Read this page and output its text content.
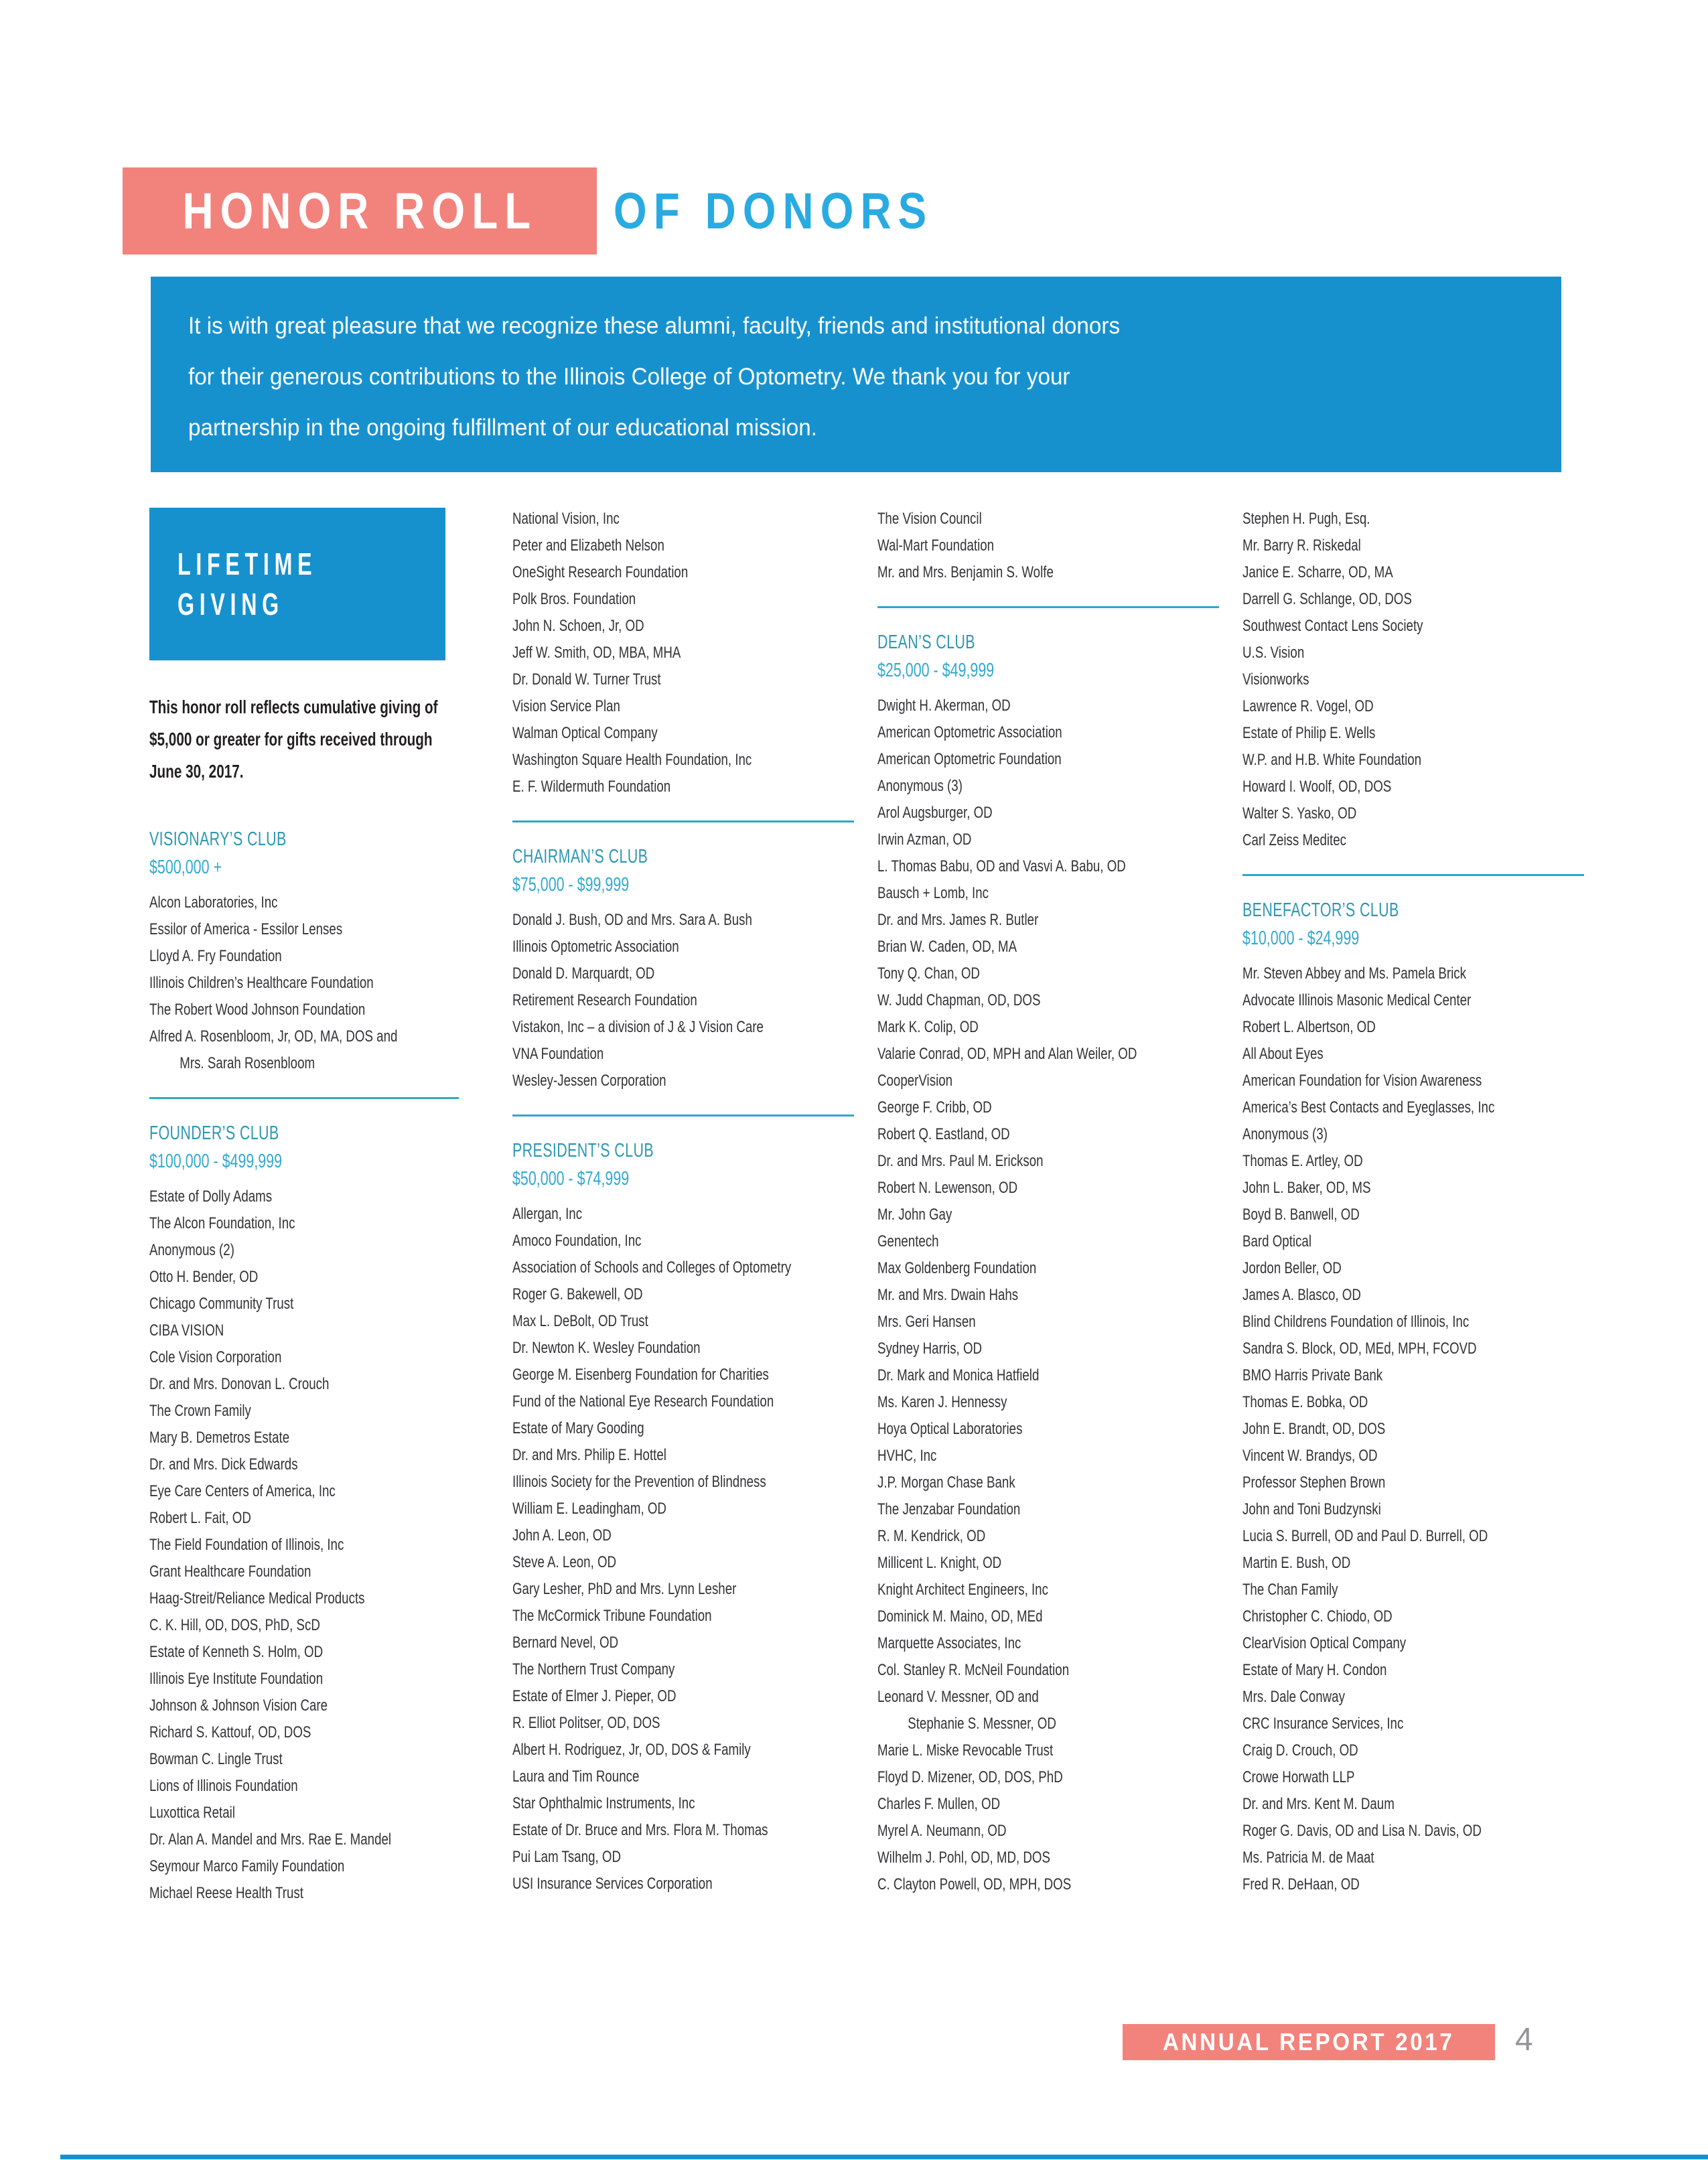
HONOR ROLL OF DONORS
It is with great pleasure that we recognize these alumni, faculty, friends and institutional donors
for their generous contributions to the Illinois College of Optometry. We thank you for your
partnership in the ongoing fulfillment of our educational mission.
LIFETIME
GIVING
This honor roll reflects cumulative giving of
$5,000 or greater for gifts received through
June 30, 2017.
VISIONARY’S CLUB
$500,000 +
Alcon Laboratories, Inc
Essilor of America - Essilor Lenses
Lloyd A. Fry Foundation
Illinois Children’s Healthcare Foundation
The Robert Wood Johnson Foundation
Alfred A. Rosenbloom, Jr, OD, MA, DOS and
Mrs. Sarah Rosenbloom
FOUNDER’S CLUB
$100,000 - $499,999
Estate of Dolly Adams
The Alcon Foundation, Inc
Anonymous (2)
Otto H. Bender, OD
Chicago Community Trust
CIBA VISION
Cole Vision Corporation
Dr. and Mrs. Donovan L. Crouch
The Crown Family
Mary B. Demetros Estate
Dr. and Mrs. Dick Edwards
Eye Care Centers of America, Inc
Robert L. Fait, OD
The Field Foundation of Illinois, Inc
Grant Healthcare Foundation
Haag-Streit/Reliance Medical Products
C. K. Hill, OD, DOS, PhD, ScD
Estate of Kenneth S. Holm, OD
Illinois Eye Institute Foundation
Johnson & Johnson Vision Care
Richard S. Kattouf, OD, DOS
Bowman C. Lingle Trust
Lions of Illinois Foundation
Luxottica Retail
Dr. Alan A. Mandel and Mrs. Rae E. Mandel
Seymour Marco Family Foundation
Michael Reese Health Trust
National Vision, Inc
Peter and Elizabeth Nelson
OneSight Research Foundation
Polk Bros. Foundation
John N. Schoen, Jr, OD
Jeff W. Smith, OD, MBA, MHA
Dr. Donald W. Turner Trust
Vision Service Plan
Walman Optical Company
Washington Square Health Foundation, Inc
E. F. Wildermuth Foundation
CHAIRMAN’S CLUB
$75,000 - $99,999
Donald J. Bush, OD and Mrs. Sara A. Bush
Illinois Optometric Association
Donald D. Marquardt, OD
Retirement Research Foundation
Vistakon, Inc – a division of J & J Vision Care
VNA Foundation
Wesley-Jessen Corporation
PRESIDENT’S CLUB
$50,000 - $74,999
Allergan, Inc
Amoco Foundation, Inc
Association of Schools and Colleges of Optometry
Roger G. Bakewell, OD
Max L. DeBolt, OD Trust
Dr. Newton K. Wesley Foundation
George M. Eisenberg Foundation for Charities
Fund of the National Eye Research Foundation
Estate of Mary Gooding
Dr. and Mrs. Philip E. Hottel
Illinois Society for the Prevention of Blindness
William E. Leadingham, OD
John A. Leon, OD
Steve A. Leon, OD
Gary Lesher, PhD and Mrs. Lynn Lesher
The McCormick Tribune Foundation
Bernard Nevel, OD
The Northern Trust Company
Estate of Elmer J. Pieper, OD
R. Elliot Politser, OD, DOS
Albert H. Rodriguez, Jr, OD, DOS & Family
Laura and Tim Rounce
Star Ophthalmic Instruments, Inc
Estate of Dr. Bruce and Mrs. Flora M. Thomas
Pui Lam Tsang, OD
USI Insurance Services Corporation
The Vision Council
Wal-Mart Foundation
Mr. and Mrs. Benjamin S. Wolfe
DEAN’S CLUB
$25,000 - $49,999
Dwight H. Akerman, OD
American Optometric Association
American Optometric Foundation
Anonymous (3)
Arol Augsburger, OD
Irwin Azman, OD
L. Thomas Babu, OD and Vasvi A. Babu, OD
Bausch + Lomb, Inc
Dr. and Mrs. James R. Butler
Brian W. Caden, OD, MA
Tony Q. Chan, OD
W. Judd Chapman, OD, DOS
Mark K. Colip, OD
Valarie Conrad, OD, MPH and Alan Weiler, OD
CooperVision
George F. Cribb, OD
Robert Q. Eastland, OD
Dr. and Mrs. Paul M. Erickson
Robert N. Lewenson, OD
Mr. John Gay
Genentech
Max Goldenberg Foundation
Mr. and Mrs. Dwain Hahs
Mrs. Geri Hansen
Sydney Harris, OD
Dr. Mark and Monica Hatfield
Ms. Karen J. Hennessy
Hoya Optical Laboratories
HVHC, Inc
J.P. Morgan Chase Bank
The Jenzabar Foundation
R. M. Kendrick, OD
Millicent L. Knight, OD
Knight Architect Engineers, Inc
Dominick M. Maino, OD, MEd
Marquette Associates, Inc
Col. Stanley R. McNeil Foundation
Leonard V. Messner, OD and
Stephanie S. Messner, OD
Marie L. Miske Revocable Trust
Floyd D. Mizener, OD, DOS, PhD
Charles F. Mullen, OD
Myrel A. Neumann, OD
Wilhelm J. Pohl, OD, MD, DOS
C. Clayton Powell, OD, MPH, DOS
Stephen H. Pugh, Esq.
Mr. Barry R. Riskedal
Janice E. Scharre, OD, MA
Darrell G. Schlange, OD, DOS
Southwest Contact Lens Society
U.S. Vision
Visionworks
Lawrence R. Vogel, OD
Estate of Philip E. Wells
W.P. and H.B. White Foundation
Howard I. Woolf, OD, DOS
Walter S. Yasko, OD
Carl Zeiss Meditec
BENEFACTOR’S CLUB
$10,000 - $24,999
Mr. Steven Abbey and Ms. Pamela Brick
Advocate Illinois Masonic Medical Center
Robert L. Albertson, OD
All About Eyes
American Foundation for Vision Awareness
America’s Best Contacts and Eyeglasses, Inc
Anonymous (3)
Thomas E. Artley, OD
John L. Baker, OD, MS
Boyd B. Banwell, OD
Bard Optical
Jordon Beller, OD
James A. Blasco, OD
Blind Childrens Foundation of Illinois, Inc
Sandra S. Block, OD, MEd, MPH, FCOVD
BMO Harris Private Bank
Thomas E. Bobka, OD
John E. Brandt, OD, DOS
Vincent W. Brandys, OD
Professor Stephen Brown
John and Toni Budzynski
Lucia S. Burrell, OD and Paul D. Burrell, OD
Martin E. Bush, OD
The Chan Family
Christopher C. Chiodo, OD
ClearVision Optical Company
Estate of Mary H. Condon
Mrs. Dale Conway
CRC Insurance Services, Inc
Craig D. Crouch, OD
Crowe Horwath LLP
Dr. and Mrs. Kent M. Daum
Roger G. Davis, OD and Lisa N. Davis, OD
Ms. Patricia M. de Maat
Fred R. DeHaan, OD
ANNUAL REPORT 2017 4
